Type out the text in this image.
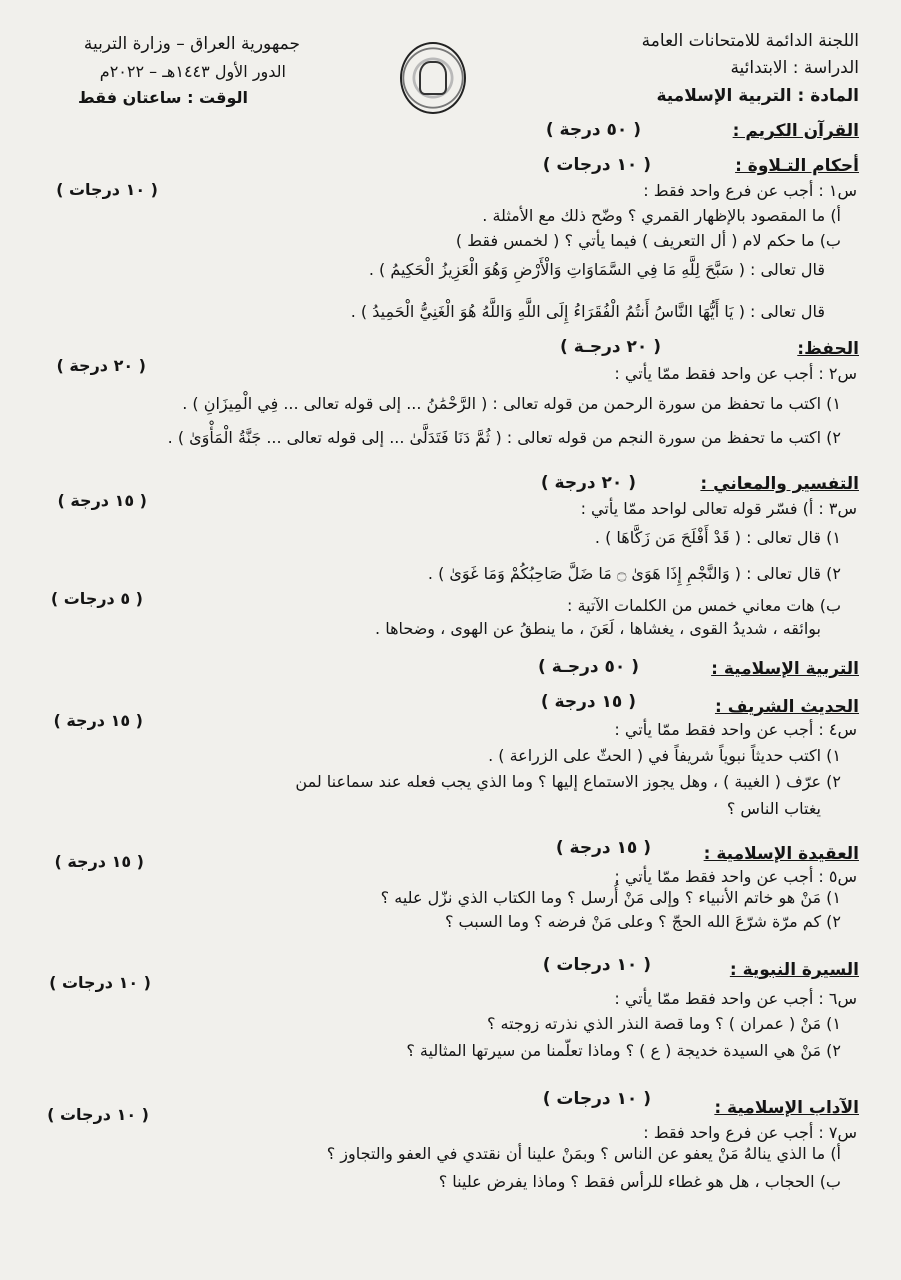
اللجنة الدائمة للامتحانات العامة
الدراسة : الابتدائية
المادة : التربية الإسلامية
جمهورية العراق – وزارة التربية
الدور الأول ١٤٤٣هـ – ٢٠٢٢م
الوقت : ساعتان فقط
القرآن الكريم :
( ٥٠ درجة )
أحكام التـلاوة :
( ١٠ درجات )
( ١٠ درجات )	س١ : أجب عن فرع واحد فقط :
أ) ما المقصود بالإظهار القمري ؟ وضّح ذلك مع الأمثلة .
ب) ما حكم لام ( أل التعريف ) فيما يأتي ؟ ( لخمس فقط )
قال تعالى : ( سَبَّحَ لِلَّهِ مَا فِي السَّمَاوَاتِ وَالْأَرْضِ وَهُوَ الْعَزِيزُ الْحَكِيمُ ) .
قال تعالى : ( يَا أَيُّهَا النَّاسُ أَنتُمُ الْفُقَرَاءُ إِلَى اللَّهِ وَاللَّهُ هُوَ الْغَنِيُّ الْحَمِيدُ ) .
الحفظ:
( ٢٠ درجـة )
( ٢٠ درجة )	س٢ : أجب عن واحد فقط ممّا يأتي :
١) اكتب ما تحفظ من سورة الرحمن من قوله تعالى : ( الرَّحْمَٰنُ ... إلى قوله تعالى ... فِي الْمِيزَانِ ) .
٢) اكتب ما تحفظ من سورة النجم من قوله تعالى : ( ثُمَّ دَنَا فَتَدَلَّىٰ ... إلى قوله تعالى ... جَنَّةُ الْمَأْوَىٰ ) .
التفسير والمعاني :
( ٢٠ درجة )
( ١٥ درجة )	س٣ : أ) فسّر قوله تعالى لواحد ممّا يأتي :
١) قال تعالى : ( قَدْ أَفْلَحَ مَن زَكَّاهَا ) .
٢) قال تعالى : ( وَالنَّجْمِ إِذَا هَوَىٰ ۝ مَا ضَلَّ صَاحِبُكُمْ وَمَا غَوَىٰ ) .
( ٥ درجات )	ب) هات معاني خمس من الكلمات الآتية :
بوائقه ، شديدُ القوى ، يغشاها ، لَعَنَ ، ما ينطقُ عن الهوى ، وضحاها .
التربية الإسلامية :
( ٥٠ درجـة )
الحديث الشريف :
( ١٥ درجة )
( ١٥ درجة )	س٤ : أجب عن واحد فقط ممّا يأتي :
١) اكتب حديثاً نبوياً شريفاً في ( الحثّ على الزراعة ) .
٢) عرّف ( الغيبة ) ، وهل يجوز الاستماع إليها ؟ وما الذي يجب فعله عند سماعنا لمن
يغتاب الناس ؟
العقيدة الإسلامية :
( ١٥ درجة )
( ١٥ درجة )
س٥ : أجب عن واحد فقط ممّا يأتي :
١) مَنْ هو خاتم الأنبياء ؟ وإلى مَنْ أُرسل ؟ وما الكتاب الذي نزّل عليه ؟
٢) كم مرّة شرّعَ الله الحجّ ؟ وعلى مَنْ فرضه ؟ وما السبب ؟
السيرة النبوية :
( ١٠ درجات )
( ١٠ درجات )
س٦ : أجب عن واحد فقط ممّا يأتي :
١) مَنْ ( عمران ) ؟ وما قصة النذر الذي نذرته زوجته ؟
٢) مَنْ هي السيدة خديجة ( ع ) ؟ وماذا تعلّمنا من سيرتها المثالية ؟
الآداب الإسلامية :
( ١٠ درجات )
( ١٠ درجات )
س٧ : أجب عن فرع واحد فقط :
أ) ما الذي ينالهُ مَنْ يعفو عن الناس ؟ وبمَنْ علينا أن نقتدي في العفو والتجاوز ؟
ب) الحجاب ، هل هو غطاء للرأس فقط ؟ وماذا يفرض علينا ؟
